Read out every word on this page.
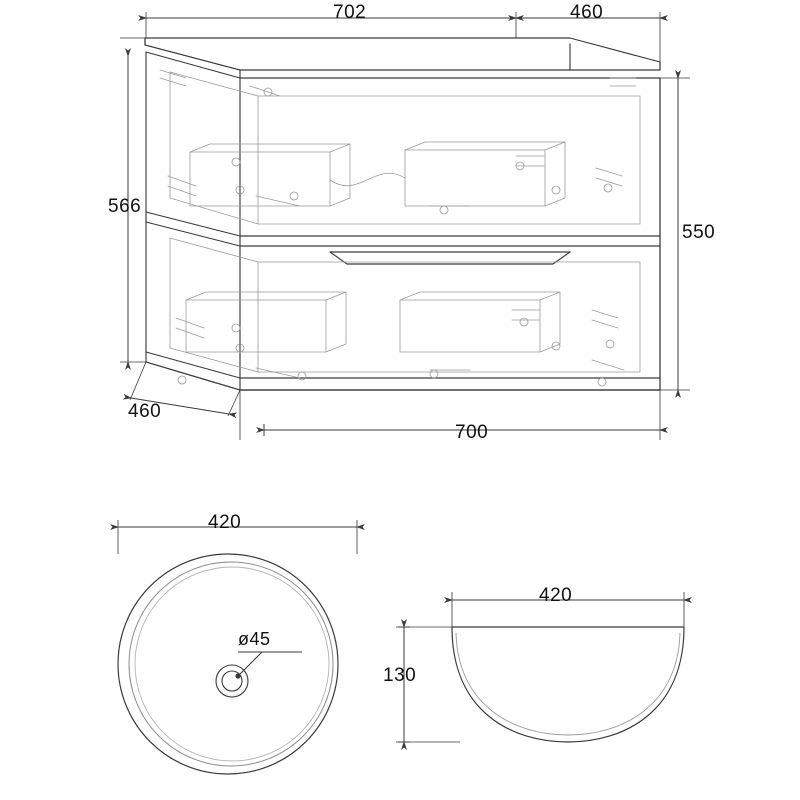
702	460
566
550
460
700
420
ø45
420
130
